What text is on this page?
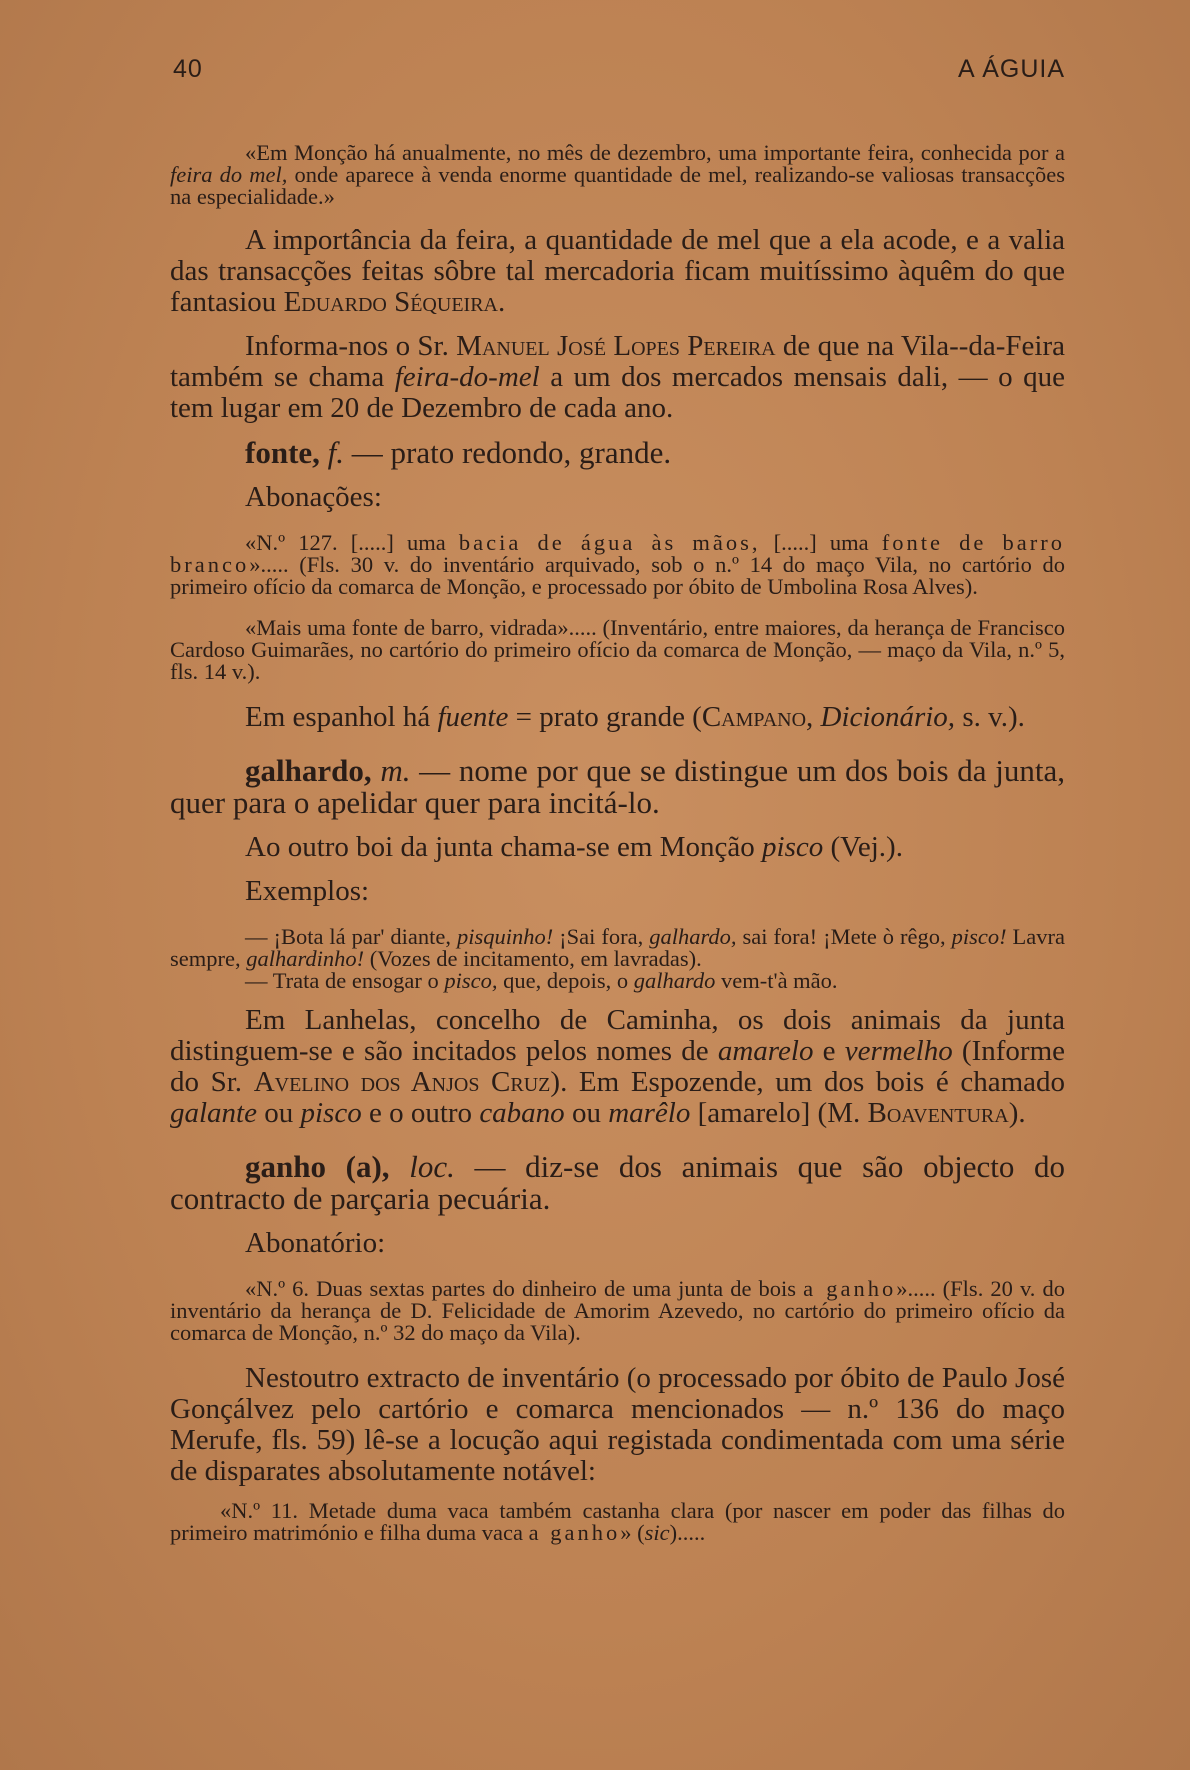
40	A ÁGUIA

«Em Monção há anualmente, no mês de dezembro, uma importante feira, conhecida por a feira do mel, onde aparece à venda enorme quantidade de mel, realizando-se valiosas transacções na especialidade.»

A importância da feira, a quantidade de mel que a ela acode, e a valia das transacções feitas sôbre tal mercadoria ficam muitíssimo àquêm do que fantasiou Eduardo Séqueira.

Informa-nos o Sr. Manuel José Lopes Pereira de que na Vila--da-Feira também se chama feira-do-mel a um dos mercados mensais dali, — o que tem lugar em 20 de Dezembro de cada ano.

fonte, f. — prato redondo, grande.

Abonações:

«N.º 127. [.....] uma bacia de água às mãos, [.....] uma fonte de barro branco»..... (Fls. 30 v. do inventário arquivado, sob o n.º 14 do maço Vila, no cartório do primeiro ofício da comarca de Monção, e processado por óbito de Umbolina Rosa Alves).

«Mais uma fonte de barro, vidrada»..... (Inventário, entre maiores, da herança de Francisco Cardoso Guimarães, no cartório do primeiro ofício da comarca de Monção, — maço da Vila, n.º 5, fls. 14 v.).

Em espanhol há fuente = prato grande (Campano, Dicionário, s. v.).

galhardo, m. — nome por que se distingue um dos bois da junta, quer para o apelidar quer para incitá-lo.

Ao outro boi da junta chama-se em Monção pisco (Vej.).

Exemplos:

— ¡Bota lá par' diante, pisquinho! ¡Sai fora, galhardo, sai fora! ¡Mete ò rêgo, pisco! Lavra sempre, galhardinho! (Vozes de incitamento, em lavradas).

— Trata de ensogar o pisco, que, depois, o galhardo vem-t'à mão.

Em Lanhelas, concelho de Caminha, os dois animais da junta distinguem-se e são incitados pelos nomes de amarelo e vermelho (Informe do Sr. Avelino dos Anjos Cruz). Em Espozende, um dos bois é chamado galante ou pisco e o outro cabano ou marêlo [amarelo] (M. Boaventura).

ganho (a), loc. — diz-se dos animais que são objecto do contracto de parçaria pecuária.

Abonatório:

«N.º 6. Duas sextas partes do dinheiro de uma junta de bois a ganho»..... (Fls. 20 v. do inventário da herança de D. Felicidade de Amorim Azevedo, no cartório do primeiro ofício da comarca de Monção, n.º 32 do maço da Vila).

Nestoutro extracto de inventário (o processado por óbito de Paulo José Gonçálvez pelo cartório e comarca mencionados — n.º 136 do maço Merufe, fls. 59) lê-se a locução aqui registada condimentada com uma série de disparates absolutamente notável:

«N.º 11. Metade duma vaca também castanha clara (por nascer em poder das filhas do primeiro matrimónio e filha duma vaca a ganho» (sic).....
